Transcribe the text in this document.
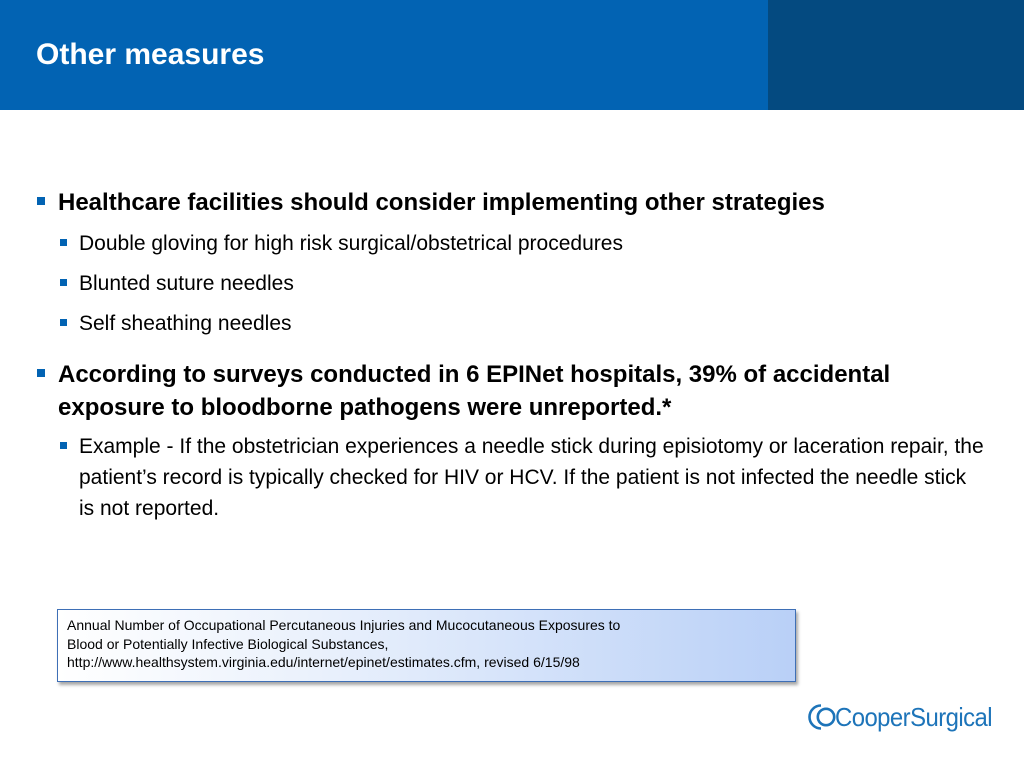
Other measures
Healthcare facilities should consider implementing other strategies
Double gloving for high risk surgical/obstetrical procedures
Blunted suture needles
Self sheathing needles
According to surveys conducted in 6 EPINet hospitals, 39% of accidental exposure to bloodborne pathogens were unreported.*
Example - If the obstetrician experiences a needle stick during episiotomy or laceration repair, the patient’s record is typically checked for HIV or HCV. If the patient is not infected the needle stick is not reported.
Annual Number of Occupational Percutaneous Injuries and Mucocutaneous Exposures to
Blood or Potentially Infective Biological Substances,
http://www.healthsystem.virginia.edu/internet/epinet/estimates.cfm, revised 6/15/98
CooperSurgical
